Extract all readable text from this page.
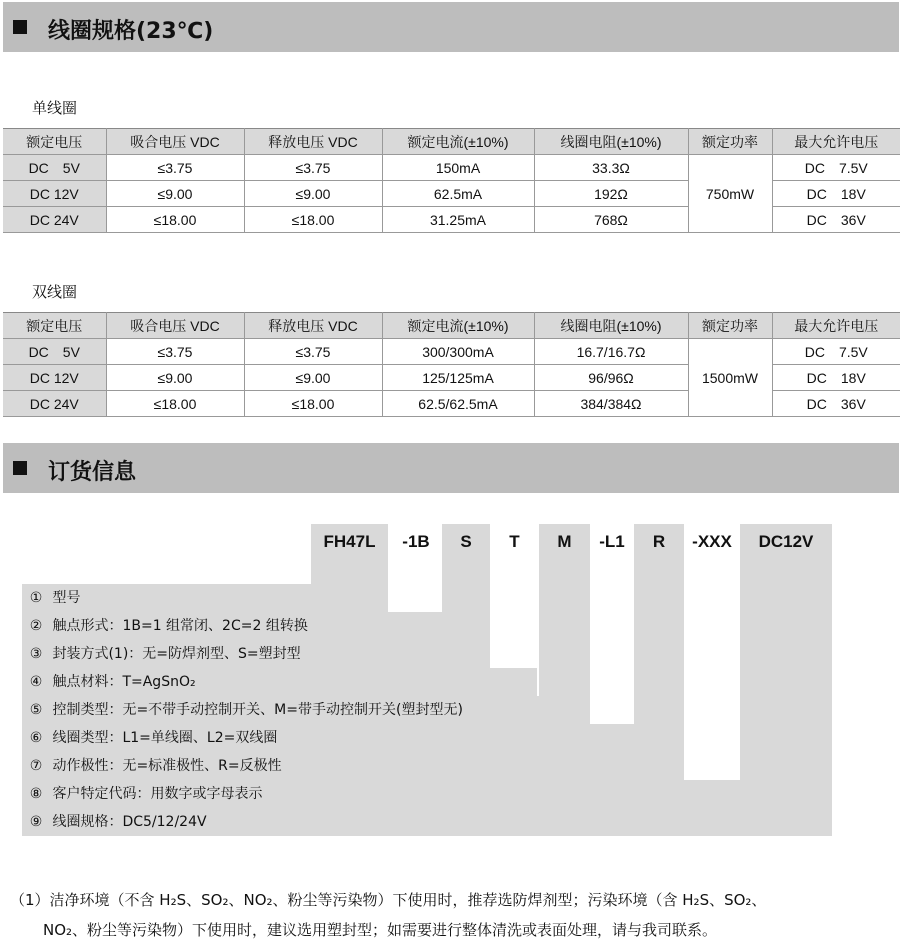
线圈规格(23℃)
单线圈
额定电压	吸合电压 VDC	释放电压 VDC	额定电流(±10%)	线圈电阻(±10%)	额定功率	最大允许电压
DC　5V	≤3.75	≤3.75	150mA	33.3Ω	750mW	DC　7.5V
DC 12V	≤9.00	≤9.00	62.5mA	192Ω		DC　18V
DC 24V	≤18.00	≤18.00	31.25mA	768Ω		DC　36V
双线圈
额定电压	吸合电压 VDC	释放电压 VDC	额定电流(±10%)	线圈电阻(±10%)	额定功率	最大允许电压
DC　5V	≤3.75	≤3.75	300/300mA	16.7/16.7Ω	1500mW	DC　7.5V
DC 12V	≤9.00	≤9.00	125/125mA	96/96Ω		DC　18V
DC 24V	≤18.00	≤18.00	62.5/62.5mA	384/384Ω		DC　36V
订货信息
FH47L	-1B	S	T	M	-L1	R	-XXX	DC12V
① 型号
② 触点形式：1B=1 组常闭、2C=2 组转换
③ 封装方式(1)：无=防焊剂型、S=塑封型
④ 触点材料：T=AgSnO₂
⑤ 控制类型：无=不带手动控制开关、M=带手动控制开关(塑封型无)
⑥ 线圈类型：L1=单线圈、L2=双线圈
⑦ 动作极性：无=标准极性、R=反极性
⑧ 客户特定代码：用数字或字母表示
⑨ 线圈规格：DC5/12/24V
（1）洁净环境（不含 H₂S、SO₂、NO₂、粉尘等污染物）下使用时，推荐选防焊剂型；污染环境（含 H₂S、SO₂、
NO₂、粉尘等污染物）下使用时，建议选用塑封型；如需要进行整体清洗或表面处理，请与我司联系。
